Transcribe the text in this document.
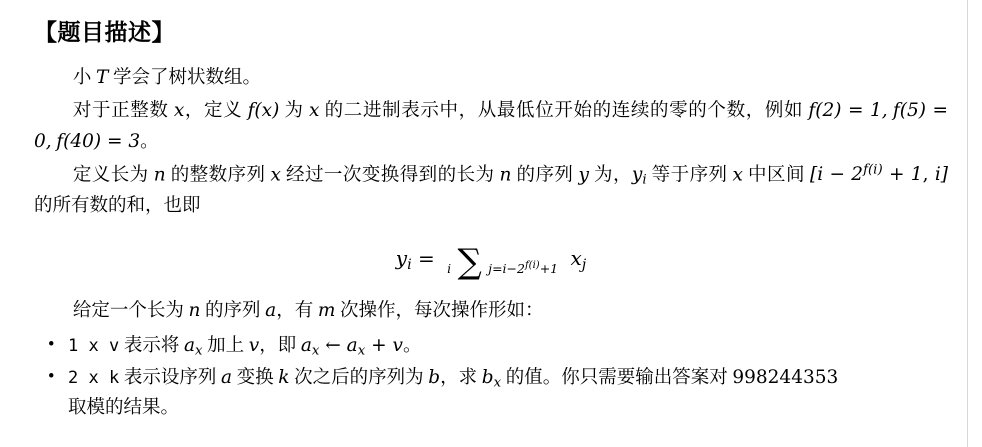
【题目描述】

小 T 学会了树状数组。

对于正整数 x，定义 f(x) 为 x 的二进制表示中，从最低位开始的连续的零的个数，例如 f(2) = 1, f(5) = 0, f(40) = 3。

定义长为 n 的整数序列 x 经过一次变换得到的长为 n 的序列 y 为，$y_i$ 等于序列 x 中区间 [$i - 2^{f(i)} + 1$, i] 的所有数的和，也即

$y_i = i$ ∑ $j=i-2^{f(i)}+1$ $x_j$

给定一个长为 n 的序列 a，有 m 次操作，每次操作形如：

• 1 x v 表示将 $a_x$ 加上 v，即 $a_x$ ← $a_x + v$。
• 2 x k 表示设序列 a 变换 k 次之后的序列为 b，求 $b_x$ 的值。你只需要输出答案对 998244353
取模的结果。
